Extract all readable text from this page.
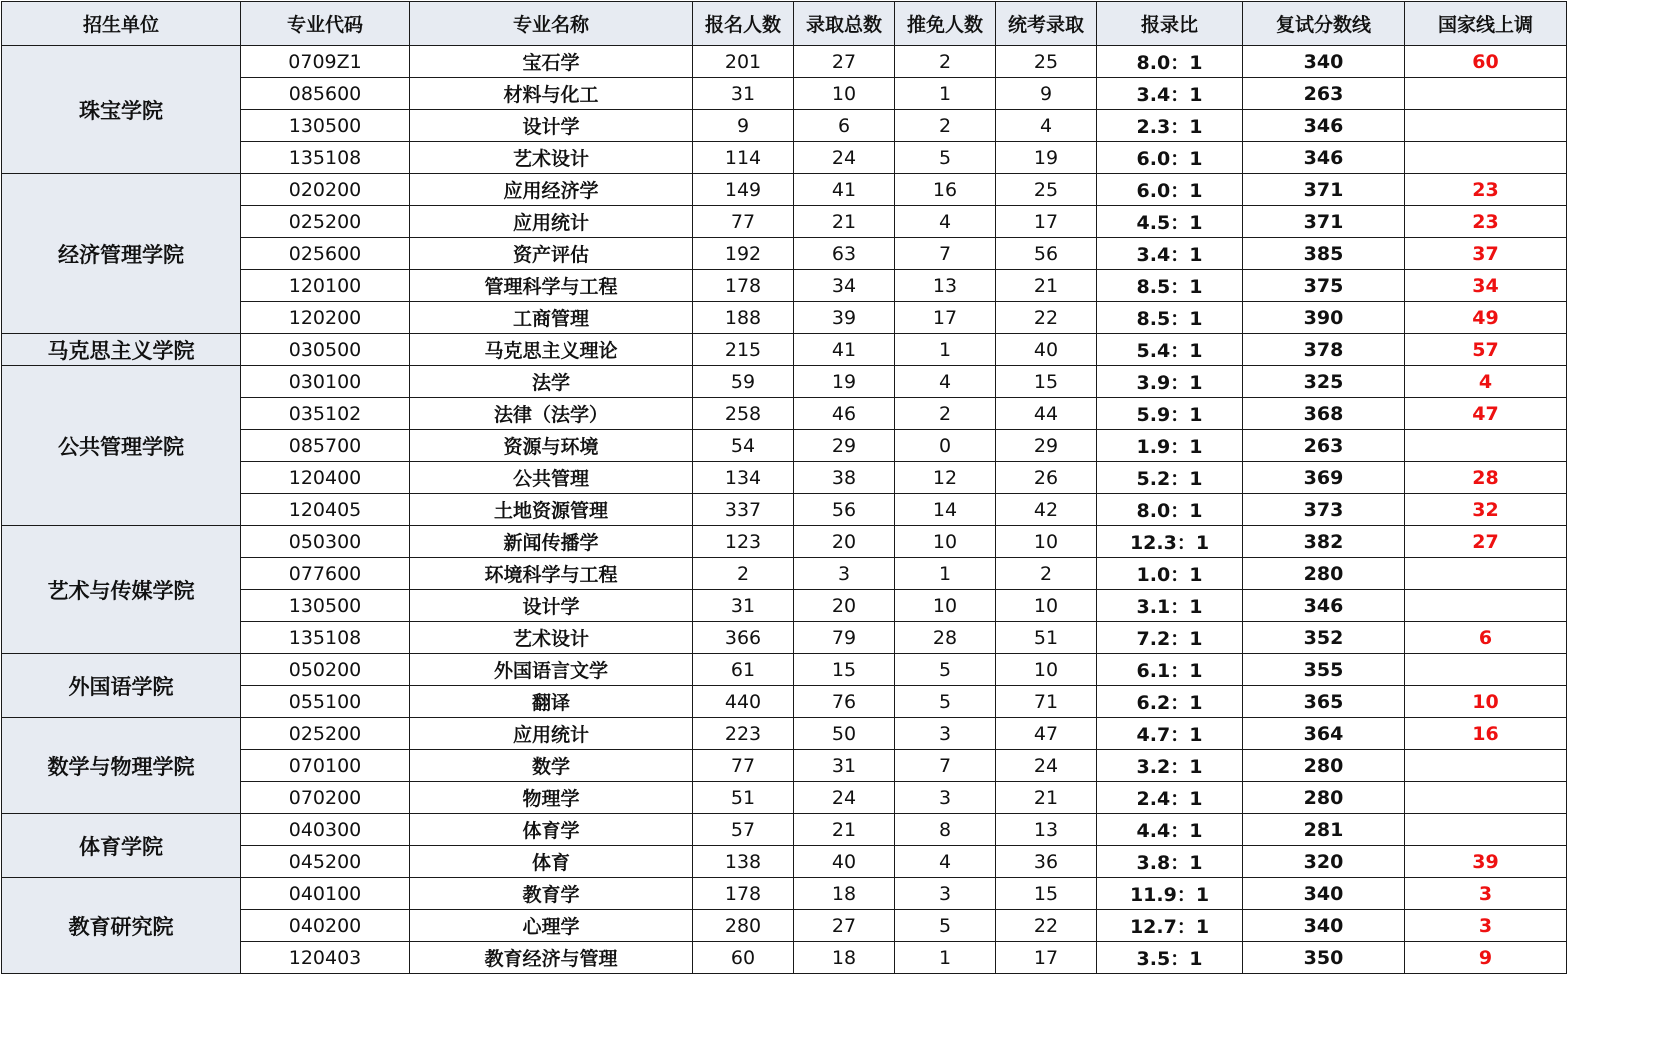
招生单位	专业代码	专业名称	报名人数	录取总数	推免人数	统考录取	报录比	复试分数线	国家线上调
珠宝学院	0709Z1	宝石学	201	27	2	25	8.0：1	340	60
	085600	材料与化工	31	10	1	9	3.4：1	263	
	130500	设计学	9	6	2	4	2.3：1	346	
	135108	艺术设计	114	24	5	19	6.0：1	346	
经济管理学院	020200	应用经济学	149	41	16	25	6.0：1	371	23
	025200	应用统计	77	21	4	17	4.5：1	371	23
	025600	资产评估	192	63	7	56	3.4：1	385	37
	120100	管理科学与工程	178	34	13	21	8.5：1	375	34
	120200	工商管理	188	39	17	22	8.5：1	390	49
马克思主义学院	030500	马克思主义理论	215	41	1	40	5.4：1	378	57
公共管理学院	030100	法学	59	19	4	15	3.9：1	325	4
	035102	法律（法学）	258	46	2	44	5.9：1	368	47
	085700	资源与环境	54	29	0	29	1.9：1	263	
	120400	公共管理	134	38	12	26	5.2：1	369	28
	120405	土地资源管理	337	56	14	42	8.0：1	373	32
艺术与传媒学院	050300	新闻传播学	123	20	10	10	12.3：1	382	27
	077600	环境科学与工程	2	3	1	2	1.0：1	280	
	130500	设计学	31	20	10	10	3.1：1	346	
	135108	艺术设计	366	79	28	51	7.2：1	352	6
外国语学院	050200	外国语言文学	61	15	5	10	6.1：1	355	
	055100	翻译	440	76	5	71	6.2：1	365	10
数学与物理学院	025200	应用统计	223	50	3	47	4.7：1	364	16
	070100	数学	77	31	7	24	3.2：1	280	
	070200	物理学	51	24	3	21	2.4：1	280	
体育学院	040300	体育学	57	21	8	13	4.4：1	281	
	045200	体育	138	40	4	36	3.8：1	320	39
教育研究院	040100	教育学	178	18	3	15	11.9：1	340	3
	040200	心理学	280	27	5	22	12.7：1	340	3
	120403	教育经济与管理	60	18	1	17	3.5：1	350	9
